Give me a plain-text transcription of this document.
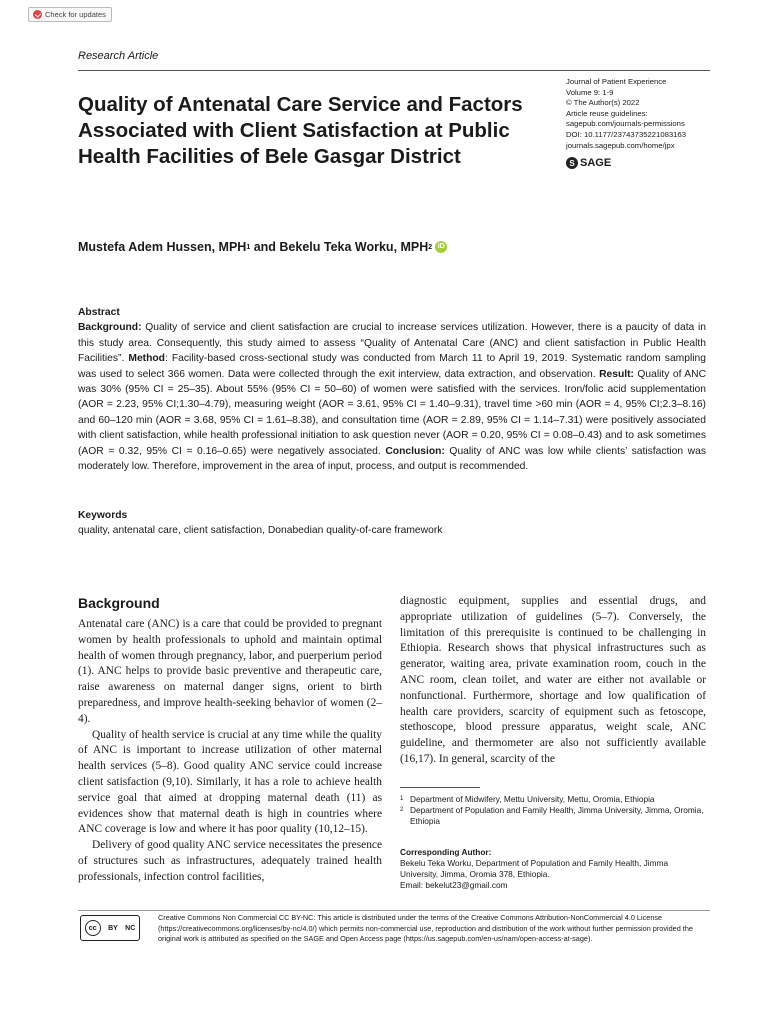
Check for updates
Research Article
Quality of Antenatal Care Service and Factors Associated with Client Satisfaction at Public Health Facilities of Bele Gasgar District
Journal of Patient Experience
Volume 9: 1-9
© The Author(s) 2022
Article reuse guidelines:
sagepub.com/journals-permissions
DOI: 10.1177/23743735221083163
journals.sagepub.com/home/jpx
S SAGE
Mustefa Adem Hussen, MPH 1 and Bekelu Teka Worku, MPH 2 iD
Abstract
Background: Quality of service and client satisfaction are crucial to increase services utilization. However, there is a paucity of data in this study area. Consequently, this study aimed to assess “Quality of Antenatal Care (ANC) and client satisfaction in Public Health Facilities”. Method: Facility-based cross-sectional study was conducted from March 11 to April 19, 2019. Systematic random sampling was used to select 366 women. Data were collected through the exit interview, data extraction, and observation. Result: Quality of ANC was 30% (95% CI = 25–35). About 55% (95% CI = 50–60) of women were satisfied with the services. Iron/folic acid supplementation (AOR = 2.23, 95% CI;1.30–4.79), measuring weight (AOR = 3.61, 95% CI = 1.40–9.31), travel time >60 min (AOR = 4, 95% CI;2.3–8.16) and 60–120 min (AOR = 3.68, 95% CI = 1.61–8.38), and consultation time (AOR = 2.89, 95% CI = 1.14–7.31) were positively associated with client satisfaction, while health professional initiation to ask question never (AOR = 0.20, 95% CI = 0.08–0.43) and to ask sometimes (AOR = 0.32, 95% CI = 0.16–0.65) were negatively associated. Conclusion: Quality of ANC was low while clients’ satisfaction was moderately low. Therefore, improvement in the area of input, process, and output is recommended.
Keywords
quality, antenatal care, client satisfaction, Donabedian quality-of-care framework
Background

Antenatal care (ANC) is a care that could be provided to pregnant women by health professionals to uphold and maintain optimal health of women through pregnancy, labor, and puerperium period (1). ANC helps to provide basic preventive and therapeutic care, raise awareness on maternal danger signs, orient to birth preparedness, and improve health-seeking behavior of women (2–4).

Quality of health service is crucial at any time while the quality of ANC is important to increase utilization of other maternal health services (5–8). Good quality ANC service could increase client satisfaction (9,10). Similarly, it has a role to achieve health service goal that aimed at dropping maternal death (11) as evidences show that maternal death is high in countries where ANC coverage is low and where it has poor quality (10,12–15).

Delivery of good quality ANC service necessitates the presence of structures such as infrastructures, adequately trained health professionals, infection control facilities,

diagnostic equipment, supplies and essential drugs, and appropriate utilization of guidelines (5–7). Conversely, the limitation of this prerequisite is continued to be challenging in Ethiopia. Research shows that physical infrastructures such as generator, waiting area, private examination room, couch in the ANC room, clean toilet, and water are either not available or nonfunctional. Furthermore, shortage and low qualification of health care providers, scarcity of equipment such as fetoscope, stethoscope, blood pressure apparatus, weight scale, ANC guideline, and thermometer are also not sufficiently available (16,17). In general, scarcity of the

1 Department of Midwifery, Mettu University, Mettu, Oromia, Ethiopia
2 Department of Population and Family Health, Jimma University, Jimma, Oromia, Ethiopia
Corresponding Author:
Bekelu Teka Worku, Department of Population and Family Health, Jimma University, Jimma, Oromia 378, Ethiopia.
Email: bekelut23@gmail.com
cc	BY NC
Creative Commons Non Commercial CC BY-NC: This article is distributed under the terms of the Creative Commons Attribution-NonCommercial 4.0 License (https://creativecommons.org/licenses/by-nc/4.0/) which permits non-commercial use, reproduction and distribution of the work without further permission provided the original work is attributed as specified on the SAGE and Open Access page (https://us.sagepub.com/en-us/nam/open-access-at-sage).
